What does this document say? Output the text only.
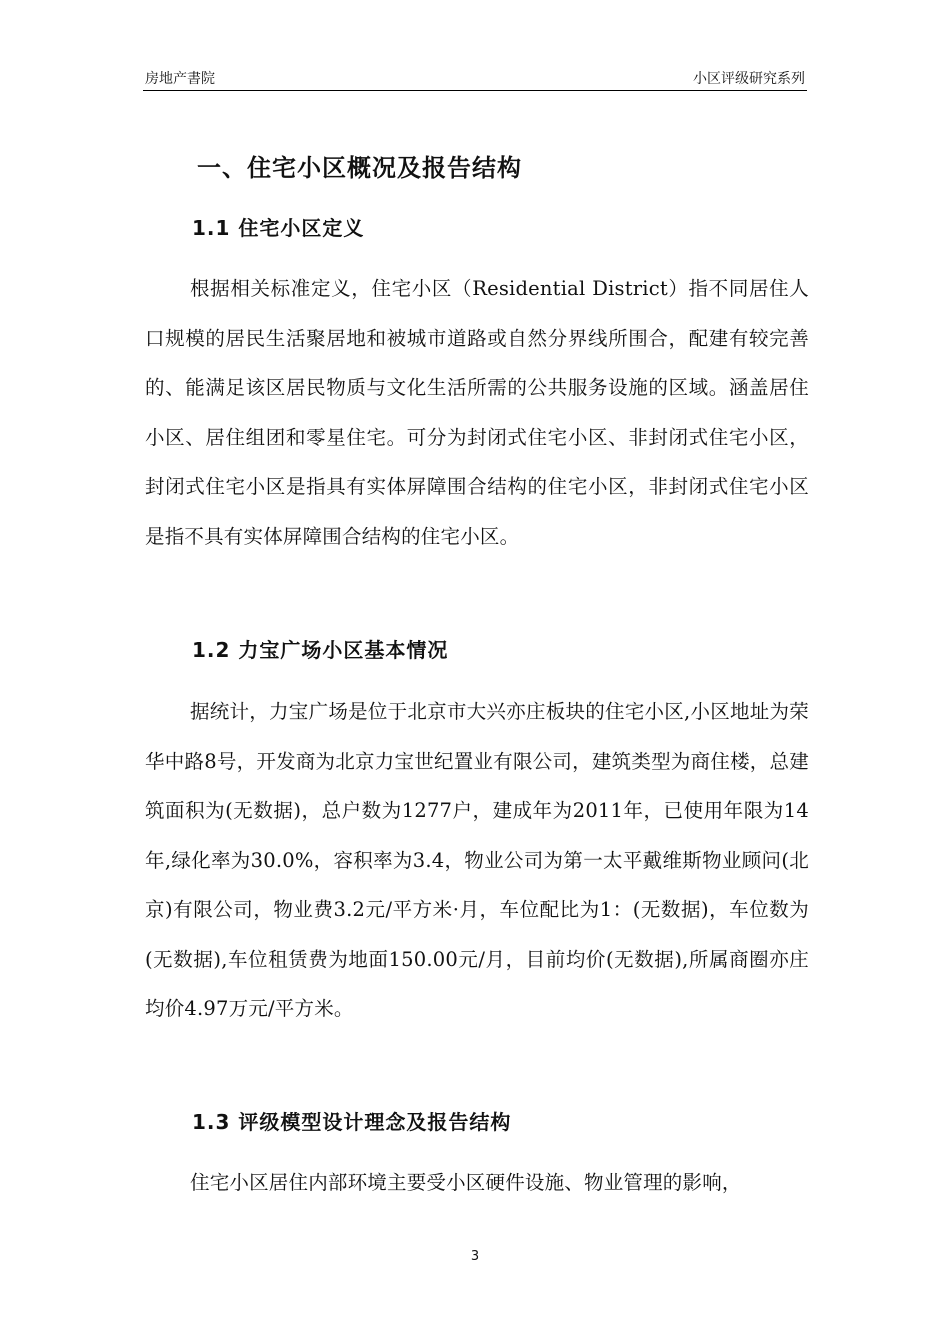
房地产書院	小区评级研究系列
一、住宅小区概况及报告结构
1.1 住宅小区定义
根据相关标准定义，住宅小区（Residential District）指不同居住人口规模的居民生活聚居地和被城市道路或自然分界线所围合，配建有较完善的、能满足该区居民物质与文化生活所需的公共服务设施的区域。涵盖居住小区、居住组团和零星住宅。可分为封闭式住宅小区、非封闭式住宅小区，封闭式住宅小区是指具有实体屏障围合结构的住宅小区，非封闭式住宅小区是指不具有实体屏障围合结构的住宅小区。
1.2 力宝广场小区基本情况
据统计，力宝广场是位于北京市大兴亦庄板块的住宅小区,小区地址为荣华中路8号，开发商为北京力宝世纪置业有限公司，建筑类型为商住楼，总建筑面积为(无数据)，总户数为1277户，建成年为2011年，已使用年限为14年,绿化率为30.0%，容积率为3.4，物业公司为第一太平戴维斯物业顾问(北京)有限公司，物业费3.2元/平方米·月，车位配比为1：(无数据)，车位数为(无数据),车位租赁费为地面150.00元/月，目前均价(无数据),所属商圈亦庄均价4.97万元/平方米。
1.3 评级模型设计理念及报告结构
住宅小区居住内部环境主要受小区硬件设施、物业管理的影响，
3
